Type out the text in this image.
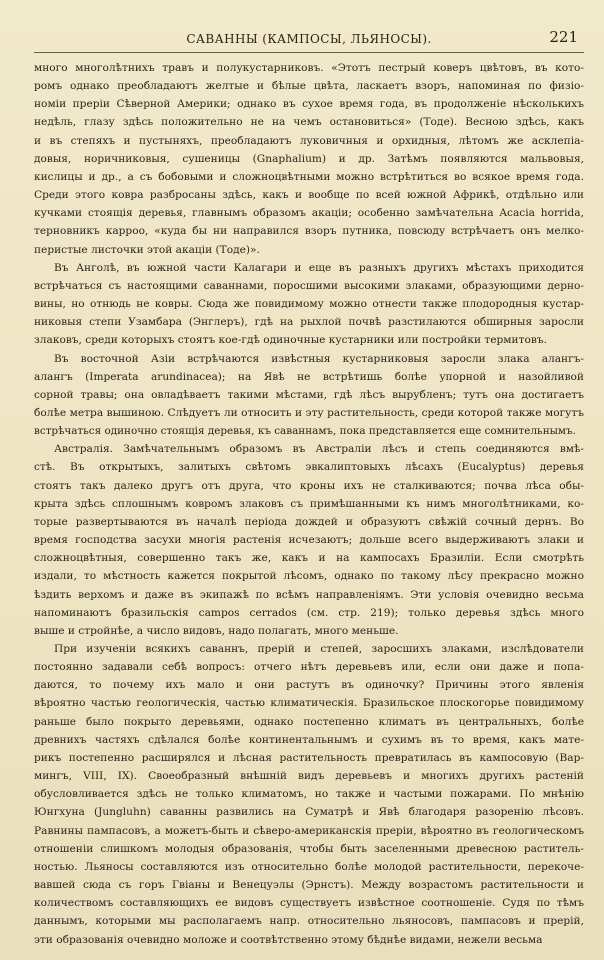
САВАННЫ (КАМПОСЫ, ЛЬЯНОСЫ).	221

много многолѣтнихъ травъ и полукустарниковъ. «Этотъ пестрый коверъ цвѣтовъ, въ кото-
ромъ однако преобладаютъ желтые и бѣлые цвѣта, ласкаетъ взоръ, напоминая по физіо-
номіи преріи Сѣверной Америки; однако въ сухое время года, въ продолженіе нѣсколькихъ
недѣль, глазу здѣсь положительно не на чемъ остановиться» (Тоде). Весною здѣсь, какъ
и въ степяхъ и пустыняхъ, преобладаютъ луковичныя и орхидныя, лѣтомъ же асклепіа-
довыя, норичниковыя, сушеницы (Gnaphalium) и др. Затѣмъ появляются мальвовыя,
кислицы и др., а съ бобовыми и сложноцвѣтными можно встрѣтиться во всякое время года.
Среди этого ковра разбросаны здѣсь, какъ и вообще по всей южной Африкѣ, отдѣльно или
кучками стоящія деревья, главнымъ образомъ акаціи; особенно замѣчательна Acacia horrida,
терновникъ карроо, «куда бы ни направился взоръ путника, повсюду встрѣчаетъ онъ мелко-
перистые листочки этой акаціи (Тоде)».

Въ Анголѣ, въ южной части Калагари и еще въ разныхъ другихъ мѣстахъ приходится
встрѣчаться съ настоящими саваннами, поросшими высокими злаками, образующими дерно-
вины, но отнюдь не ковры. Сюда же повидимому можно отнести также плодородныя кустар-
никовыя степи Узамбара (Энглеръ), гдѣ на рыхлой почвѣ разстилаются обширныя заросли
злаковъ, среди которыхъ стоятъ кое-гдѣ одиночные кустарники или постройки термитовъ.

Въ восточной Азіи встрѣчаются извѣстныя кустарниковыя заросли злака алангъ-
алангъ (Imperata arundinacea); на Явѣ не встрѣтишь болѣе упорной и назойливой
сорной травы; она овладѣваетъ такими мѣстами, гдѣ лѣсъ вырубленъ; тутъ она достигаетъ
болѣе метра вышиною. Слѣдуетъ ли относить и эту растительность, среди которой также могутъ
встрѣчаться одиночно стоящія деревья, къ саваннамъ, пока представляется еще сомнительнымъ.

Австралія. Замѣчательнымъ образомъ въ Австраліи лѣсъ и степь соединяются вмѣ-
стѣ. Въ открытыхъ, залитыхъ свѣтомъ эвкалиптовыхъ лѣсахъ (Eucalyptus) деревья
стоятъ такъ далеко другъ отъ друга, что кроны ихъ не сталкиваются; почва лѣса обы-
крыта здѣсь сплошнымъ ковромъ злаковъ съ примѣшанными къ нимъ многолѣтниками, ко-
торые развертываются въ началѣ періода дождей и образуютъ свѣжій сочный дернъ. Во
время господства засухи многія растенія исчезаютъ; дольше всего выдерживаютъ злаки и
сложноцвѣтныя, совершенно такъ же, какъ и на кампосахъ Бразиліи. Если смотрѣть
издали, то мѣстность кажется покрытой лѣсомъ, однако по такому лѣсу прекрасно можно
ѣздить верхомъ и даже въ экипажѣ по всѣмъ направленіямъ. Эти условія очевидно весьма
напоминаютъ бразильскія campos cerrados (см. стр. 219); только деревья здѣсь много
выше и стройнѣе, а число видовъ, надо полагать, много меньше.

При изученіи всякихъ саваннъ, прерій и степей, заросшихъ злаками, изслѣдователи
постоянно задавали себѣ вопросъ: отчего нѣтъ деревьевъ или, если они даже и попа-
даются, то почему ихъ мало и они растутъ въ одиночку? Причины этого явленія
вѣроятно частью геологическія, частью климатическія. Бразильское плоскогорье повидимому
раньше было покрыто деревьями, однако постепенно климатъ въ центральныхъ, болѣе
древнихъ частяхъ сдѣлался болѣе континентальнымъ и сухимъ въ то время, какъ мате-
рикъ постепенно расширялся и лѣсная растительность превратилась въ кампосовую (Вар-
мингъ, VIII, IX). Своеобразный внѣшній видъ деревьевъ и многихъ другихъ растеній
обусловливается здѣсь не только климатомъ, но также и частыми пожарами. По мнѣнію
Юнгхуна (Jungluhn) саванны развились на Суматрѣ и Явѣ благодаря разоренію лѣсовъ.
Равнины пампасовъ, а можетъ-быть и сѣверо-американскія преріи, вѣроятно въ геологическомъ
отношеніи слишкомъ молодыя образованія, чтобы быть заселенными древесною раститель-
ностью. Льяносы составляются изъ относительно болѣе молодой растительности, перекоче-
вавшей сюда съ горъ Гвіаны и Венецуэлы (Эрнстъ). Между возрастомъ растительности и
количествомъ составляющихъ ее видовъ существуетъ извѣстное соотношеніе. Судя по тѣмъ
даннымъ, которыми мы располагаемъ напр. относительно льяносовъ, пампасовъ и прерій,
эти образованія очевидно моложе и соотвѣтственно этому бѣднѣе видами, нежели весьма
